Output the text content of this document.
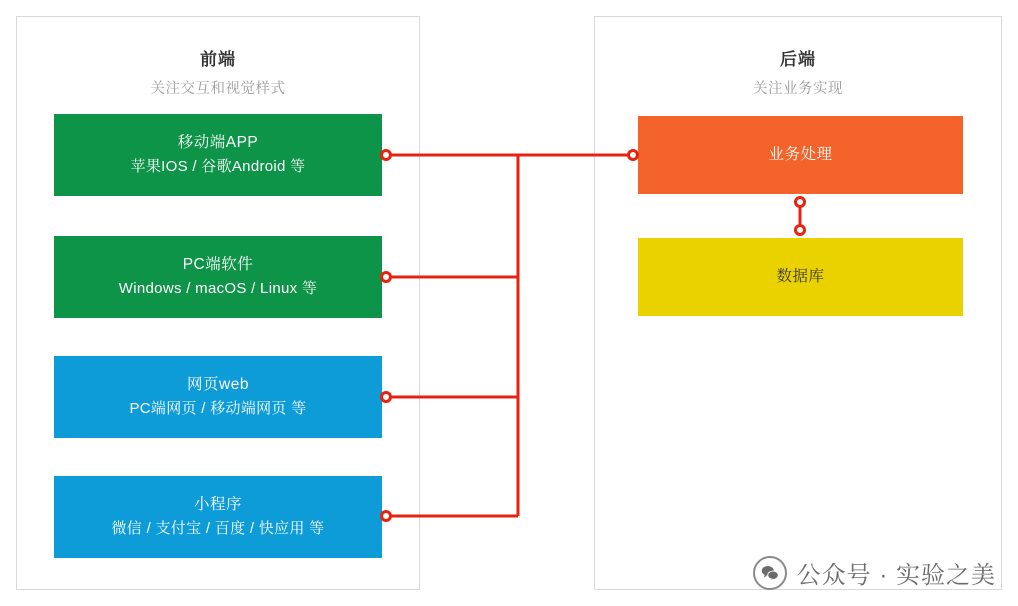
前端
关注交互和视觉样式
后端
关注业务实现
移动端APP
苹果IOS / 谷歌Android 等
PC端软件
Windows / macOS / Linux 等
网页web
PC端网页 / 移动端网页 等
小程序
微信 / 支付宝 / 百度 / 快应用 等
业务处理
数据库
公众号 · 实验之美
